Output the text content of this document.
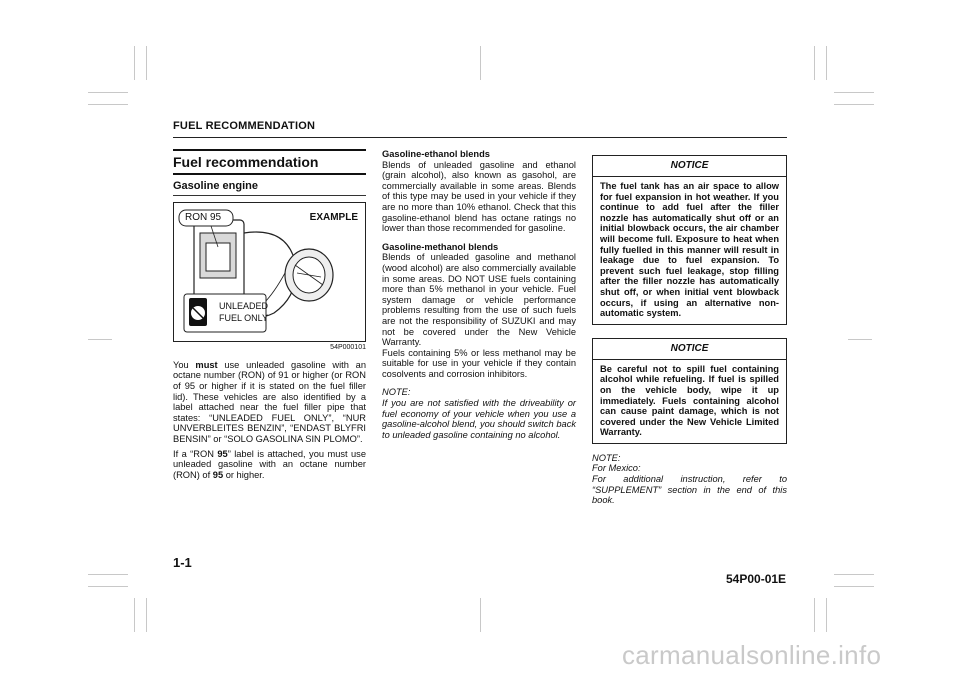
FUEL RECOMMENDATION
Fuel recommendation
Gasoline engine
RON 95	EXAMPLE
UNLEADED
FUEL ONLY
54P000101

You must use unleaded gasoline with an octane number (RON) of 91 or higher (or RON of 95 or higher if it is stated on the fuel filler lid). These vehicles are also identified by a label attached near the fuel filler pipe that states: “UNLEADED FUEL ONLY”, “NUR UNVERBLEITES BENZIN”, “ENDAST BLYFRI BENSIN” or “SOLO GASOLINA SIN PLOMO”.

If a “RON 95” label is attached, you must use unleaded gasoline with an octane number (RON) of 95 or higher.

Gasoline-ethanol blends

Blends of unleaded gasoline and ethanol (grain alcohol), also known as gasohol, are commercially available in some areas. Blends of this type may be used in your vehicle if they are no more than 10% ethanol. Check that this gasoline-ethanol blend has octane ratings no lower than those recommended for gasoline.

Gasoline-methanol blends

Blends of unleaded gasoline and methanol (wood alcohol) are also commercially available in some areas. DO NOT USE fuels containing more than 5% methanol in your vehicle. Fuel system damage or vehicle performance problems resulting from the use of such fuels are not the responsibility of SUZUKI and may not be covered under the New Vehicle Warranty.

Fuels containing 5% or less methanol may be suitable for use in your vehicle if they contain cosolvents and corrosion inhibitors.

NOTE:

If you are not satisfied with the driveability or fuel economy of your vehicle when you use a gasoline-alcohol blend, you should switch back to unleaded gasoline containing no alcohol.

NOTICE
The fuel tank has an air space to allow for fuel expansion in hot weather. If you continue to add fuel after the filler nozzle has automatically shut off or an initial blowback occurs, the air chamber will become full. Exposure to heat when fully fuelled in this manner will result in leakage due to fuel expansion. To prevent such fuel leakage, stop filling after the filler nozzle has automatically shut off, or when initial vent blowback occurs, if using an alternative non-automatic system.
NOTICE
Be careful not to spill fuel containing alcohol while refueling. If fuel is spilled on the vehicle body, wipe it up immediately. Fuels containing alcohol can cause paint damage, which is not covered under the New Vehicle Limited Warranty.

NOTE:

For Mexico:

For additional instruction, refer to “SUPPLEMENT” section in the end of this book.

1-1
54P00-01E
carmanualsonline.info
